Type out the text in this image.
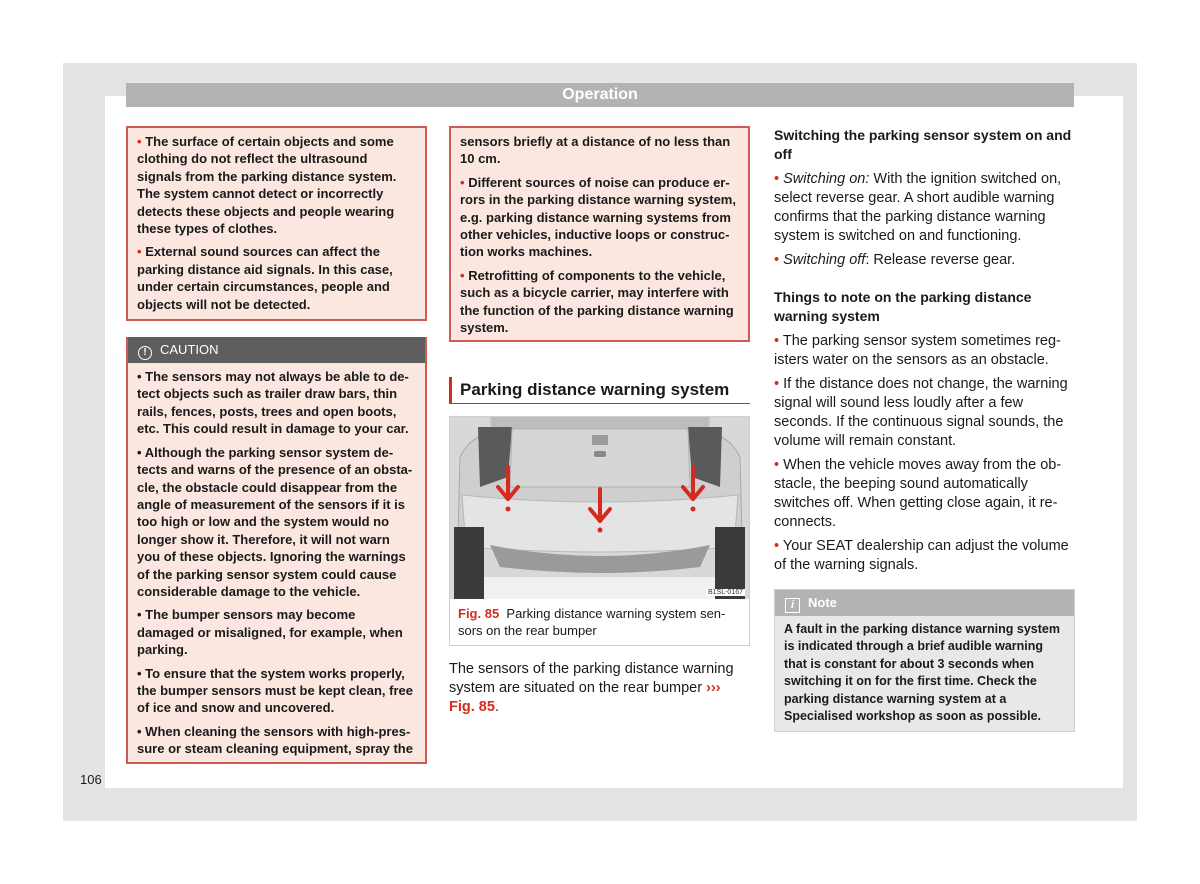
Operation

• The surface of certain objects and some clothing do not reflect the ultrasound signals from the parking distance system. The system cannot detect or incorrectly detects these objects and people wearing these types of clothes.

• External sound sources can affect the parking distance aid signals. In this case, under certain circumstances, people and objects will not be detected.

! CAUTION

• The sensors may not always be able to detect objects such as trailer draw bars, thin rails, fences, posts, trees and open boots, etc. This could result in damage to your car.

• Although the parking sensor system detects and warns of the presence of an obstacle, the obstacle could disappear from the angle of measurement of the sensors if it is too high or low and the system would no longer show it. Therefore, it will not warn you of these objects. Ignoring the warnings of the parking sensor system could cause considerable damage to the vehicle.

• The bumper sensors may become damaged or misaligned, for example, when parking.

• To ensure that the system works properly, the bumper sensors must be kept clean, free of ice and snow and uncovered.

• When cleaning the sensors with high-pressure or steam cleaning equipment, spray the

sensors briefly at a distance of no less than 10 cm.

• Different sources of noise can produce errors in the parking distance warning system, e.g. parking distance warning systems from other vehicles, inductive loops or construction works machines.

• Retrofitting of components to the vehicle, such as a bicycle carrier, may interfere with the function of the parking distance warning system.

Parking distance warning system
B1SL-0167
Fig. 85 Parking distance warning system sensors on the rear bumper
The sensors of the parking distance warning system are situated on the rear bumper ››› Fig. 85.

Switching the parking sensor system on and off

• Switching on: With the ignition switched on, select reverse gear. A short audible warning confirms that the parking distance warning system is switched on and functioning.

• Switching off: Release reverse gear.

Things to note on the parking distance warning system

• The parking sensor system sometimes registers water on the sensors as an obstacle.

• If the distance does not change, the warning signal will sound less loudly after a few seconds. If the continuous signal sounds, the volume will remain constant.

• When the vehicle moves away from the obstacle, the beeping sound automatically switches off. When getting close again, it reconnects.

• Your SEAT dealership can adjust the volume of the warning signals.

i Note
A fault in the parking distance warning system is indicated through a brief audible warning that is constant for about 3 seconds when switching it on for the first time. Check the parking distance warning system at a Specialised workshop as soon as possible.
106
